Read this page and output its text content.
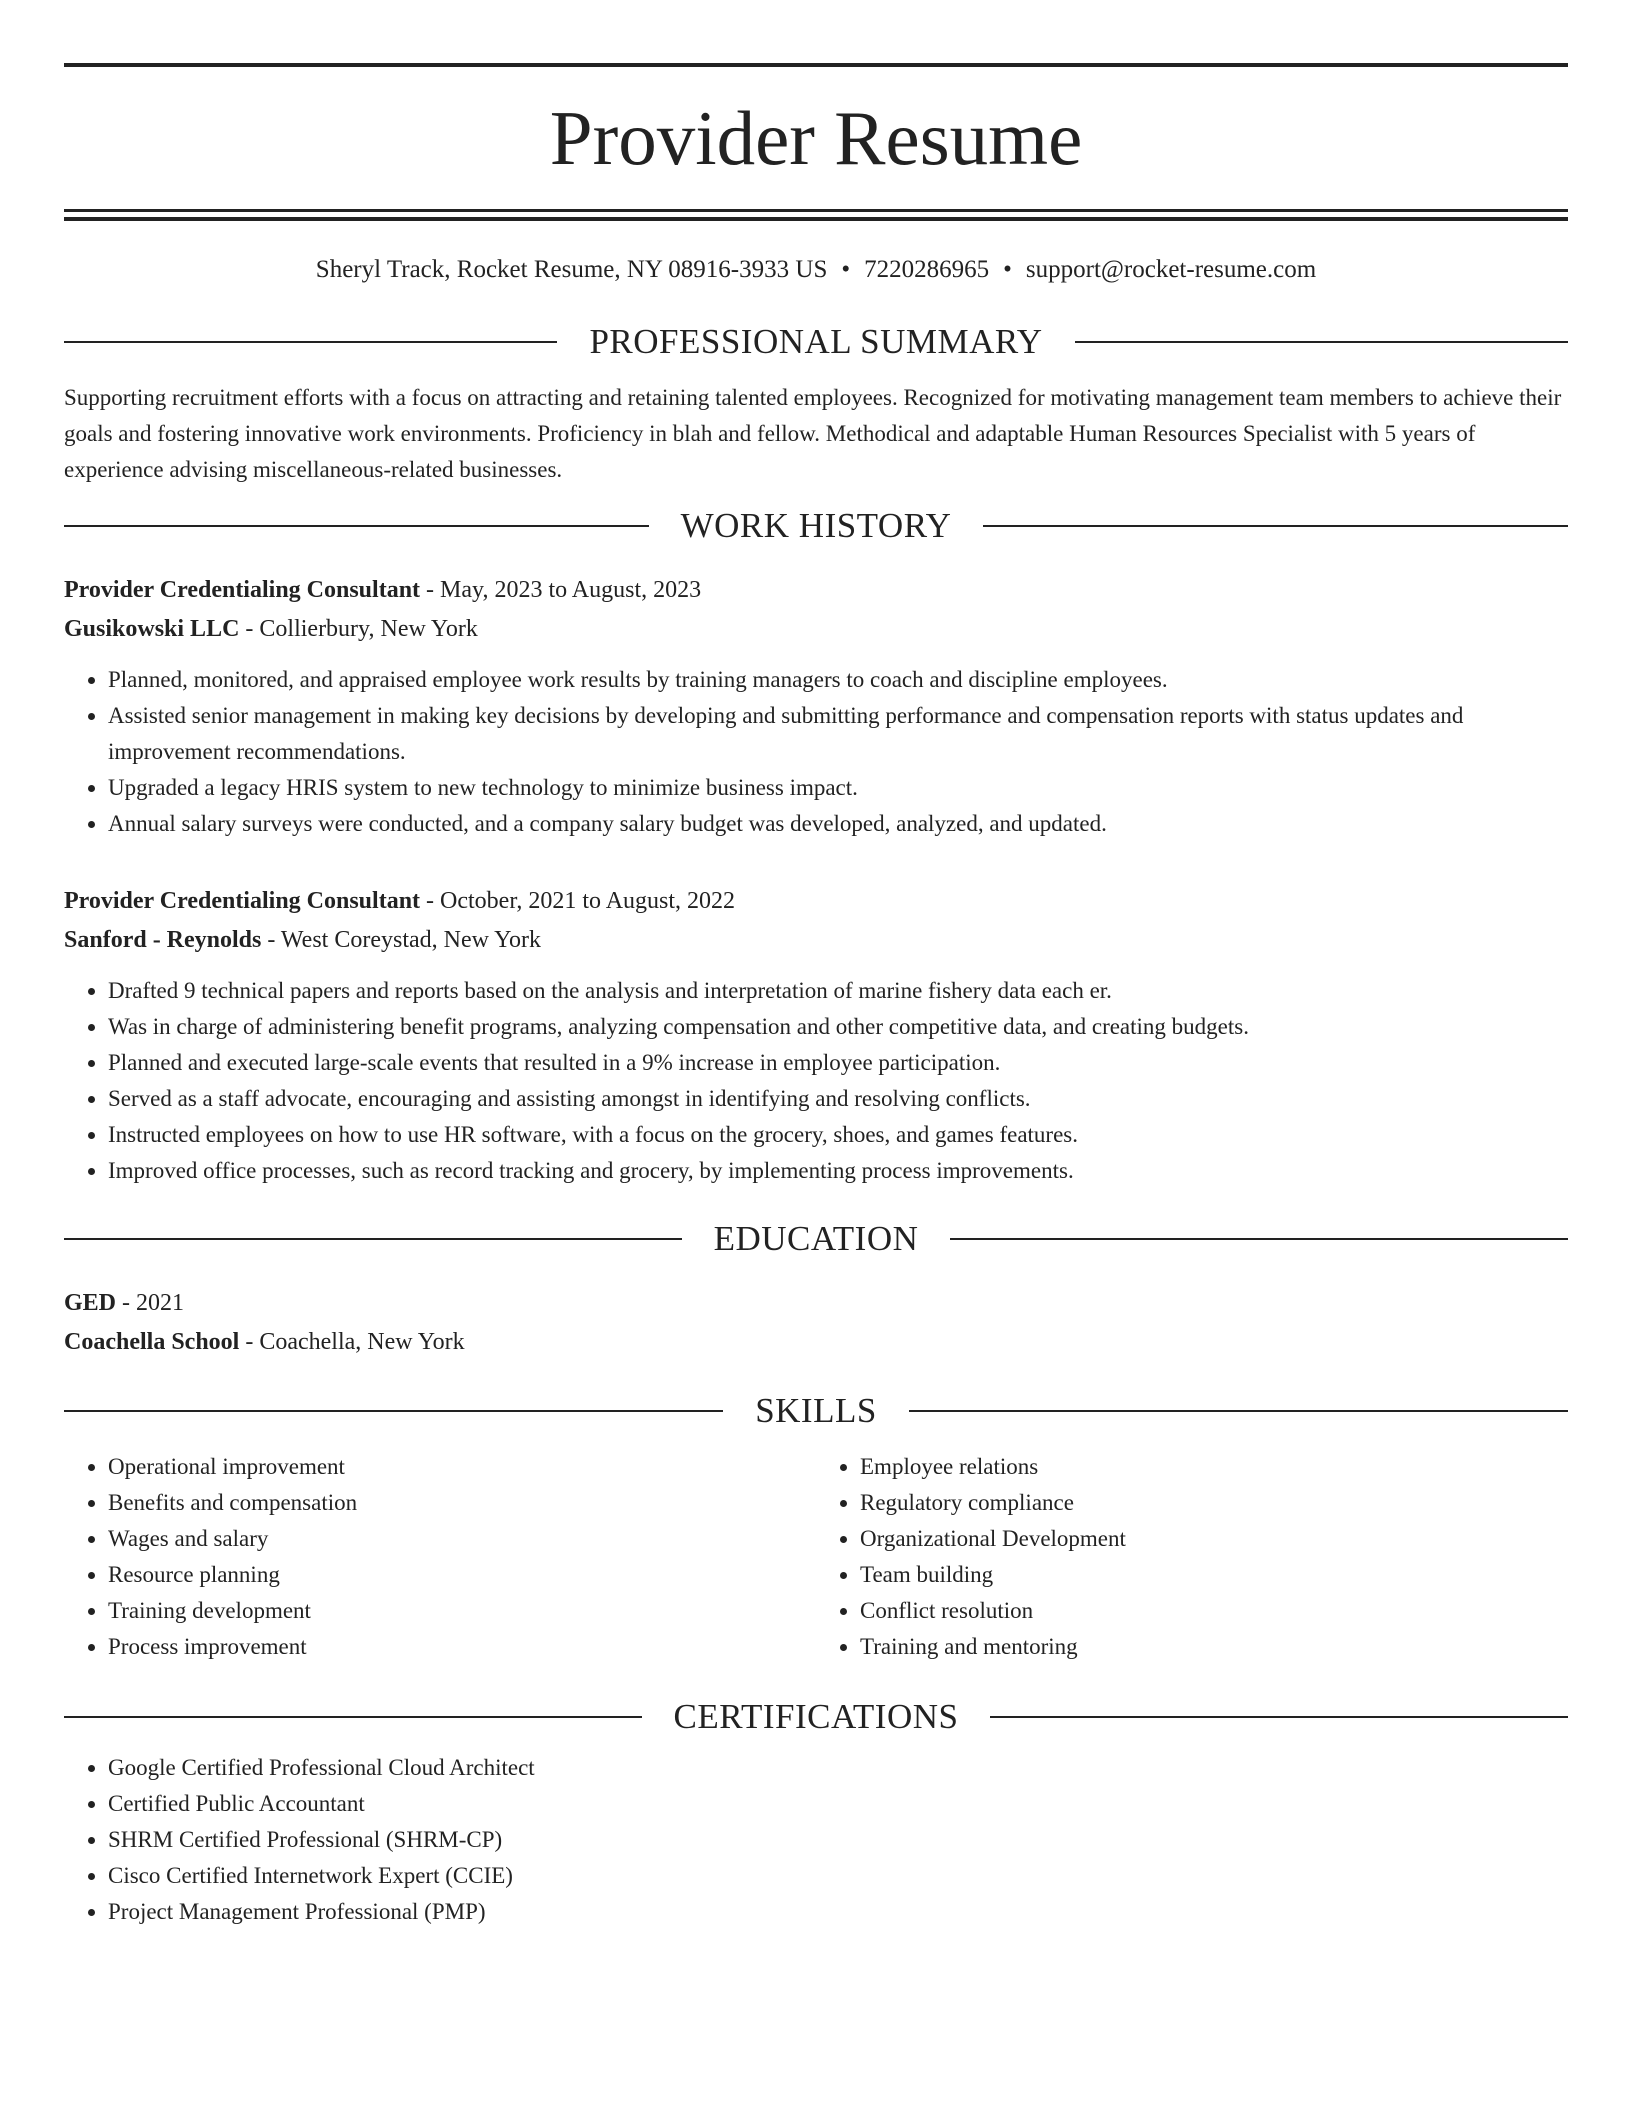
Provider Resume
Sheryl Track, Rocket Resume, NY 08916-3933 US • 7220286965 • support@rocket-resume.com
PROFESSIONAL SUMMARY
Supporting recruitment efforts with a focus on attracting and retaining talented employees. Recognized for motivating management team members to achieve their goals and fostering innovative work environments. Proficiency in blah and fellow. Methodical and adaptable Human Resources Specialist with 5 years of experience advising miscellaneous-related businesses.
WORK HISTORY
Provider Credentialing Consultant - May, 2023 to August, 2023
Gusikowski LLC - Collierbury, New York
• Planned, monitored, and appraised employee work results by training managers to coach and discipline employees.
• Assisted senior management in making key decisions by developing and submitting performance and compensation reports with status updates and improvement recommendations.
• Upgraded a legacy HRIS system to new technology to minimize business impact.
• Annual salary surveys were conducted, and a company salary budget was developed, analyzed, and updated.
Provider Credentialing Consultant - October, 2021 to August, 2022
Sanford - Reynolds - West Coreystad, New York
• Drafted 9 technical papers and reports based on the analysis and interpretation of marine fishery data each er.
• Was in charge of administering benefit programs, analyzing compensation and other competitive data, and creating budgets.
• Planned and executed large-scale events that resulted in a 9% increase in employee participation.
• Served as a staff advocate, encouraging and assisting amongst in identifying and resolving conflicts.
• Instructed employees on how to use HR software, with a focus on the grocery, shoes, and games features.
• Improved office processes, such as record tracking and grocery, by implementing process improvements.
EDUCATION
GED - 2021
Coachella School - Coachella, New York
SKILLS
• Operational improvement
• Benefits and compensation
• Wages and salary
• Resource planning
• Training development
• Process improvement
• Employee relations
• Regulatory compliance
• Organizational Development
• Team building
• Conflict resolution
• Training and mentoring
CERTIFICATIONS
• Google Certified Professional Cloud Architect
• Certified Public Accountant
• SHRM Certified Professional (SHRM-CP)
• Cisco Certified Internetwork Expert (CCIE)
• Project Management Professional (PMP)
